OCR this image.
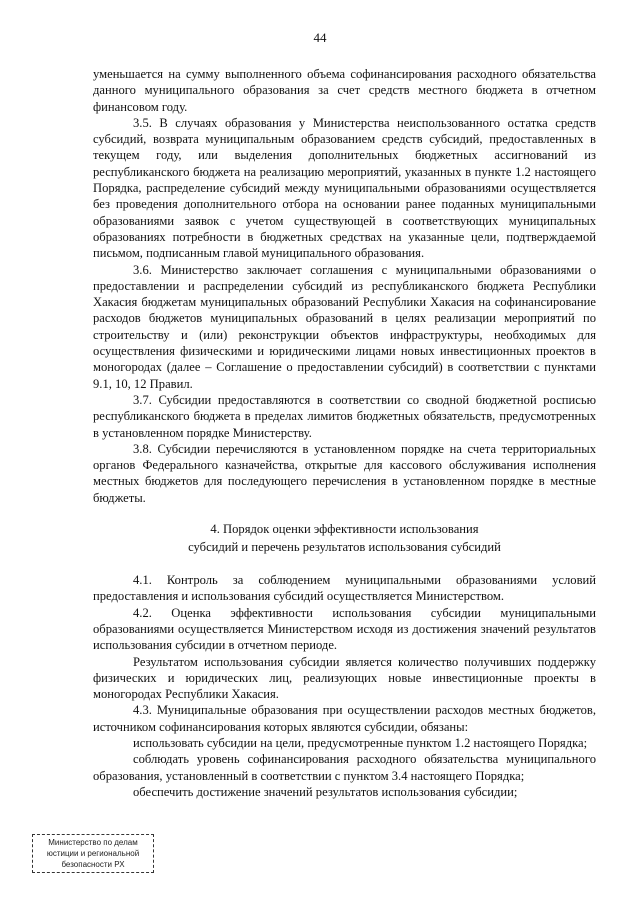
44

уменьшается на сумму выполненного объема софинансирования расходного обязательства данного муниципального образования за счет средств местного бюджета в отчетном финансовом году.

3.5. В случаях образования у Министерства неиспользованного остатка средств субсидий, возврата муниципальным образованием средств субсидий, предоставленных в текущем году, или выделения дополнительных бюджетных ассигнований из республиканского бюджета на реализацию мероприятий, указанных в пункте 1.2 настоящего Порядка, распределение субсидий между муниципальными образованиями осуществляется без проведения дополнительного отбора на основании ранее поданных муниципальными образованиями заявок с учетом существующей в соответствующих муниципальных образованиях потребности в бюджетных средствах на указанные цели, подтверждаемой письмом, подписанным главой муниципального образования.

3.6. Министерство заключает соглашения с муниципальными образованиями о предоставлении и распределении субсидий из республиканского бюджета Республики Хакасия бюджетам муниципальных образований Республики Хакасия на софинансирование расходов бюджетов муниципальных образований в целях реализации мероприятий по строительству и (или) реконструкции объектов инфраструктуры, необходимых для осуществления физическими и юридическими лицами новых инвестиционных проектов в моногородах (далее – Соглашение о предоставлении субсидий) в соответствии с пунктами 9.1, 10, 12 Правил.

3.7. Субсидии предоставляются в соответствии со сводной бюджетной росписью республиканского бюджета в пределах лимитов бюджетных обязательств, предусмотренных в установленном порядке Министерству.

3.8. Субсидии перечисляются в установленном порядке на счета территориальных органов Федерального казначейства, открытые для кассового обслуживания исполнения местных бюджетов для последующего перечисления в установленном порядке в местные бюджеты.

4. Порядок оценки эффективности использования
субсидий и перечень результатов использования субсидий

4.1. Контроль за соблюдением муниципальными образованиями условий предоставления и использования субсидий осуществляется Министерством.

4.2. Оценка эффективности использования субсидии муниципальными образованиями осуществляется Министерством исходя из достижения значений результатов использования субсидии в отчетном периоде.

Результатом использования субсидии является количество получивших поддержку физических и юридических лиц, реализующих новые инвестиционные проекты в моногородах Республики Хакасия.

4.3. Муниципальные образования при осуществлении расходов местных бюджетов, источником софинансирования которых являются субсидии, обязаны:

использовать субсидии на цели, предусмотренные пунктом 1.2 настоящего Порядка;

соблюдать уровень софинансирования расходного обязательства муниципального образования, установленный в соответствии с пунктом 3.4 настоящего Порядка;

обеспечить достижение значений результатов использования субсидии;

Министерство по делам
юстиции и региональной
безопасности РХ
